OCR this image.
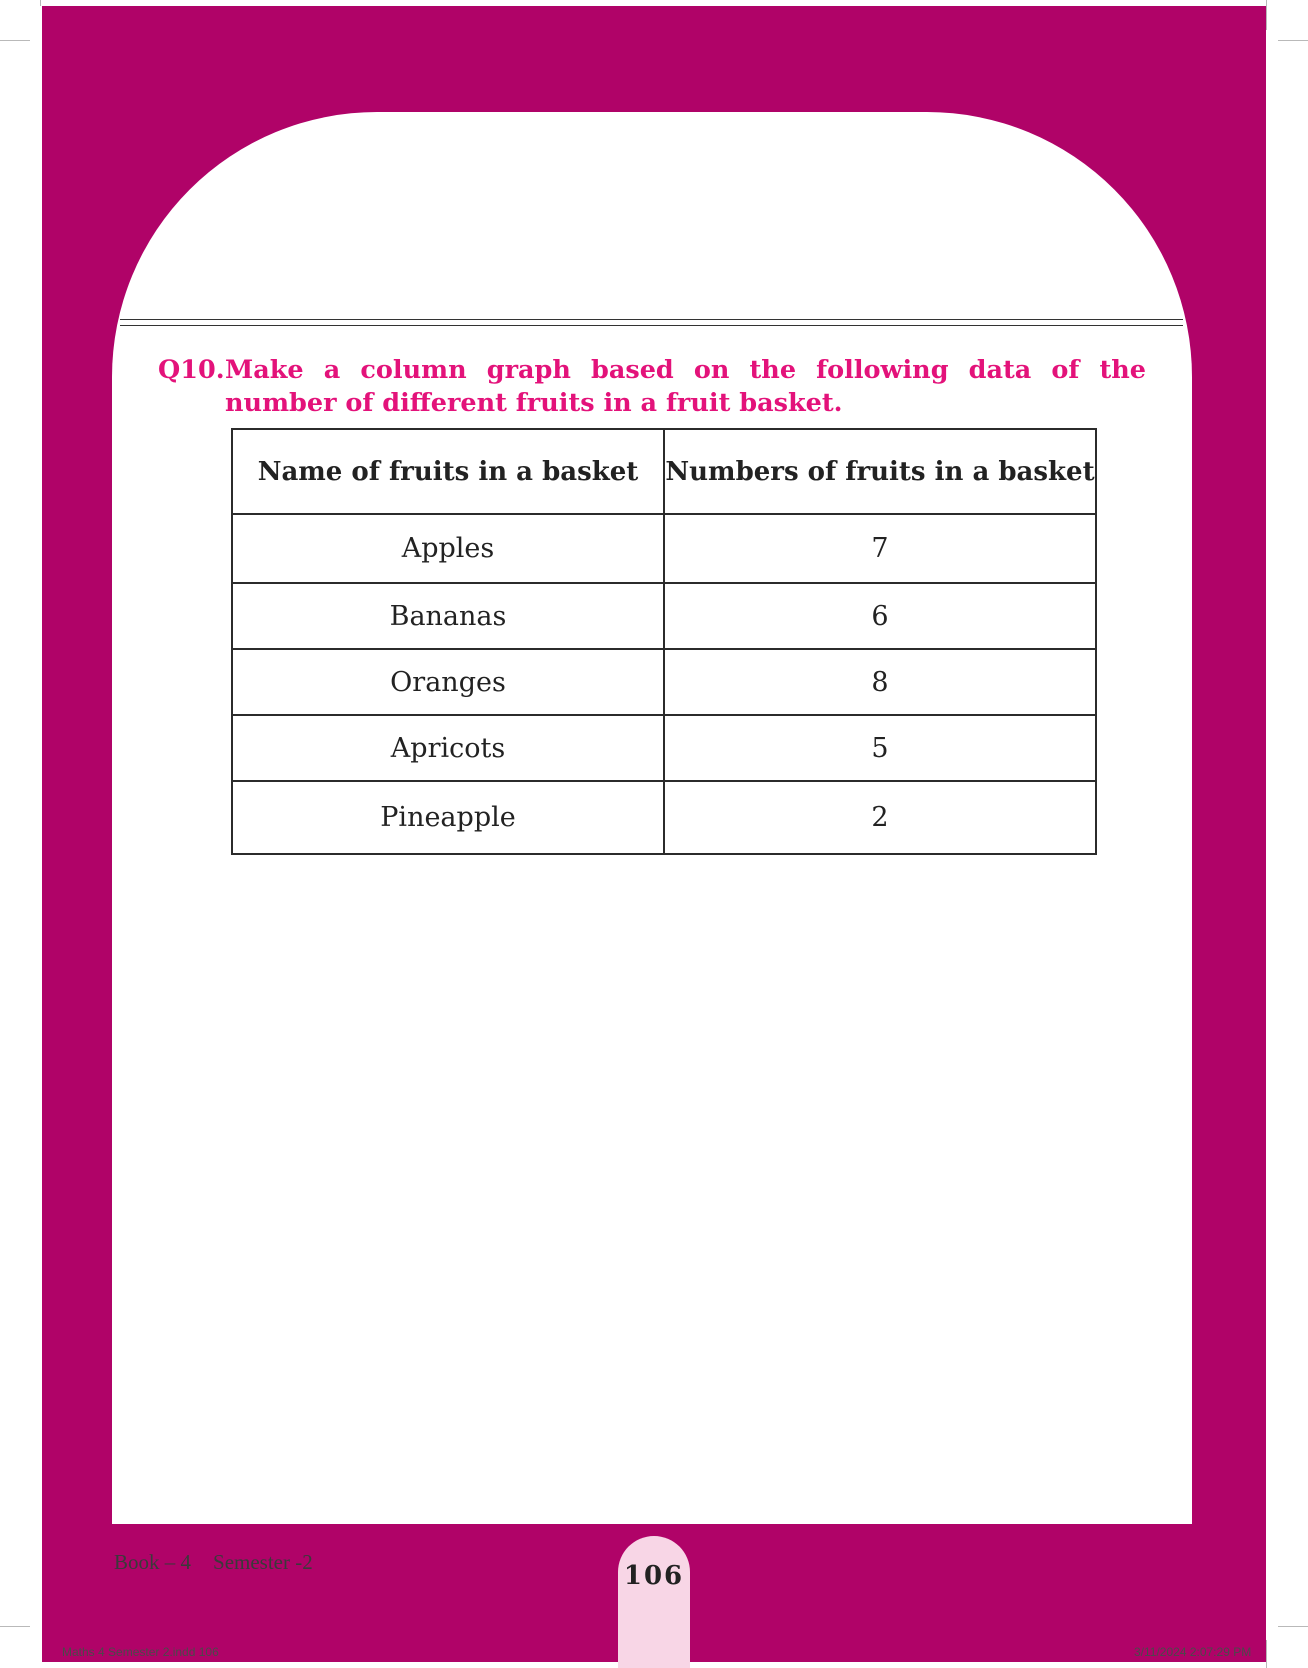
Q10. Make a column graph based on the following data of the number of different fruits in a fruit basket.
Name of fruits in a basket	Numbers of fruits in a basket
Apples	7
Bananas	6
Oranges	8
Apricots	5
Pineapple	2
Book – 4 Semester -2	106
Maths 4 Semester 2.indd 106	3/11/2024 2:07:29 PM
